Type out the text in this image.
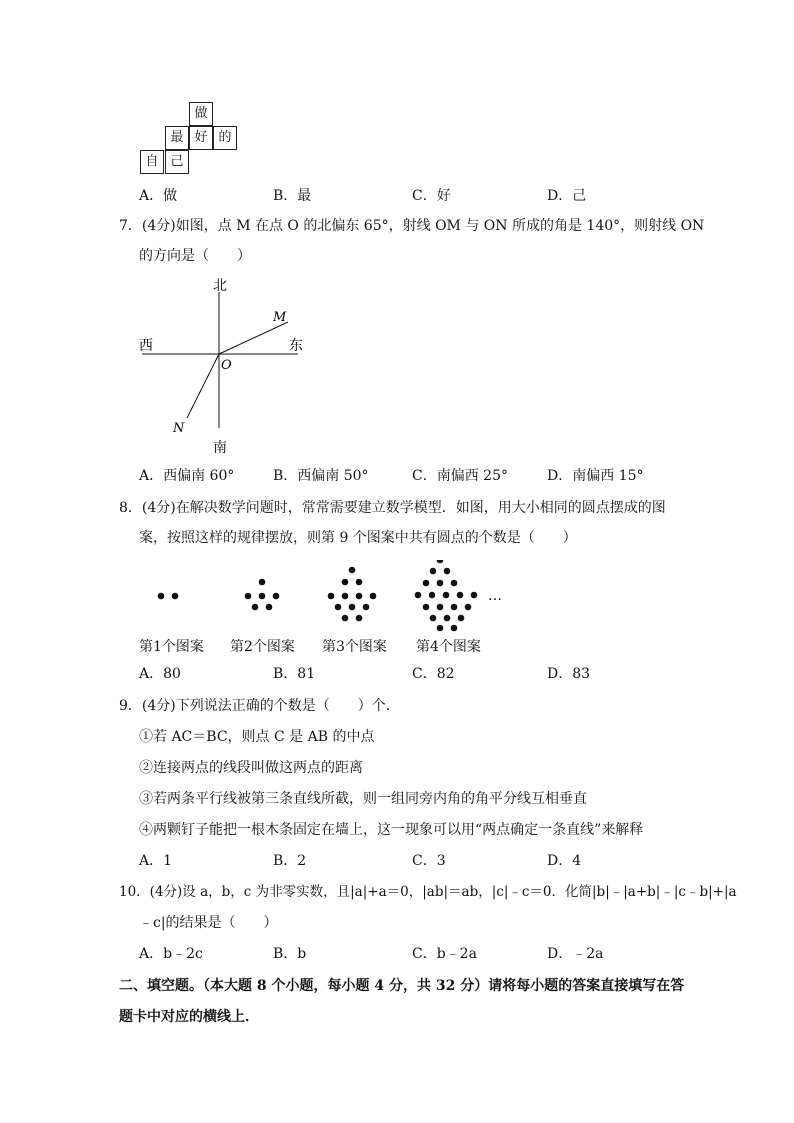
做
最 好 的
自 己
A．做	B．最	C．好	D．己
7．(4分)如图，点 M 在点 O 的北偏东 65°，射线 OM 与 ON 所成的角是 140°，则射线 ON
的方向是（　　）
北
南
西	东
M
O
N
A．西偏南 60°	B．西偏南 50°	C．南偏西 25°	D．南偏西 15°
8．(4分)在解决数学问题时，常常需要建立数学模型．如图，用大小相同的圆点摆成的图
案，按照这样的规律摆放，则第 9 个图案中共有圆点的个数是（　　）
…
第1个图案 第2个图案 第3个图案 第4个图案
A．80	B．81	C．82	D．83
9．(4分)下列说法正确的个数是（　　）个．
①若 AC＝BC，则点 C 是 AB 的中点
②连接两点的线段叫做这两点的距离
③若两条平行线被第三条直线所截，则一组同旁内角的角平分线互相垂直
④两颗钉子能把一根木条固定在墙上，这一现象可以用“两点确定一条直线”来解释
A．1	B．2	C．3	D．4
10．(4分)设 a，b，c 为非零实数，且|a|+a＝0，|ab|＝ab，|c|﹣c＝0．化简|b|﹣|a+b|﹣|c﹣b|+|a
﹣c|的结果是（　　）
A．b﹣2c	B．b	C．b﹣2a	D．﹣2a
二、填空题。（本大题 8 个小题，每小题 4 分，共 32 分）请将每小题的答案直接填写在答
题卡中对应的横线上．
